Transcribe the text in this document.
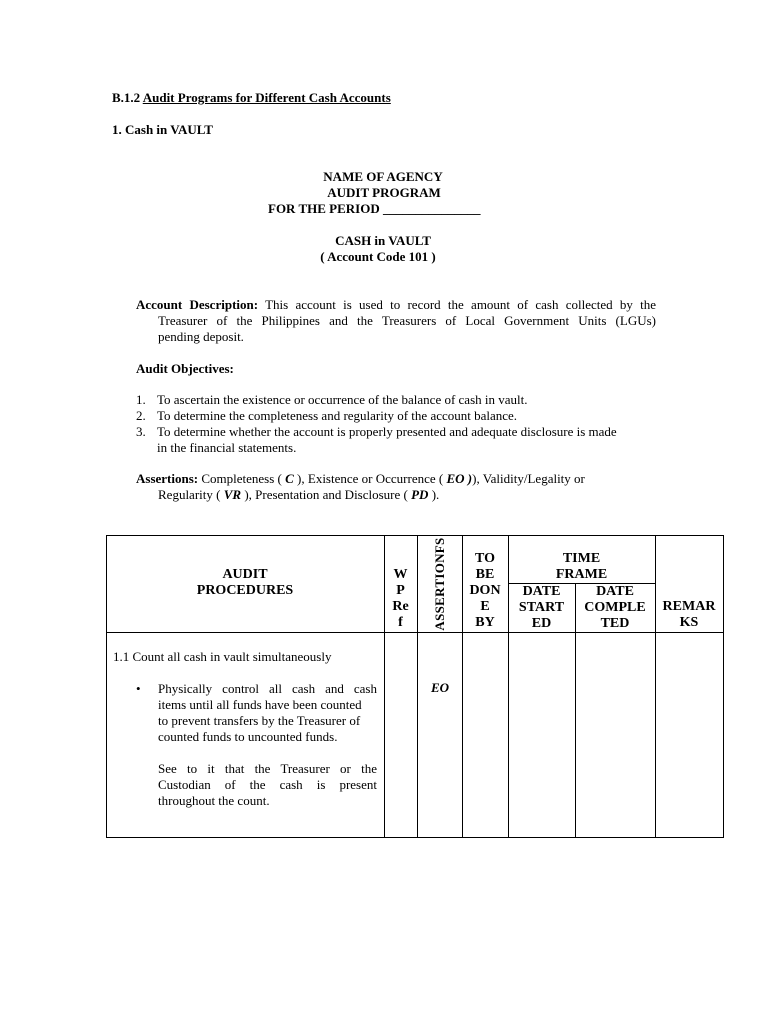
B.1.2 Audit Programs for Different Cash Accounts
1. Cash in VAULT
NAME OF AGENCY
AUDIT PROGRAM
FOR THE PERIOD _______________
CASH in VAULT
( Account Code 101 )
Account Description: This account is used to record the amount of cash collected by the
Treasurer of the Philippines and the Treasurers of Local Government Units (LGUs)
pending deposit.
Audit Objectives:
1. To ascertain the existence or occurrence of the balance of cash in vault.
2. To determine the completeness and regularity of the account balance.
3. To determine whether the account is properly presented and adequate disclosure is made
in the financial statements.
Assertions: Completeness ( C ), Existence or Occurrence ( EO )), Validity/Legality or
Regularity ( VR ), Presentation and Disclosure ( PD ).
AUDIT
PROCEDURES
W
P
Re
f	ASSERTIONFS	TO
BE
DON
E
BY
TIME
FRAME
DATE
START
ED
DATE
COMPLE
TED
REMAR
KS
1.1 Count all cash in vault simultaneously
• Physically control all cash and cash
items until all funds have been counted
to prevent transfers by the Treasurer of
counted funds to uncounted funds.
See to it that the Treasurer or the
Custodian of the cash is present
throughout the count.
EO
